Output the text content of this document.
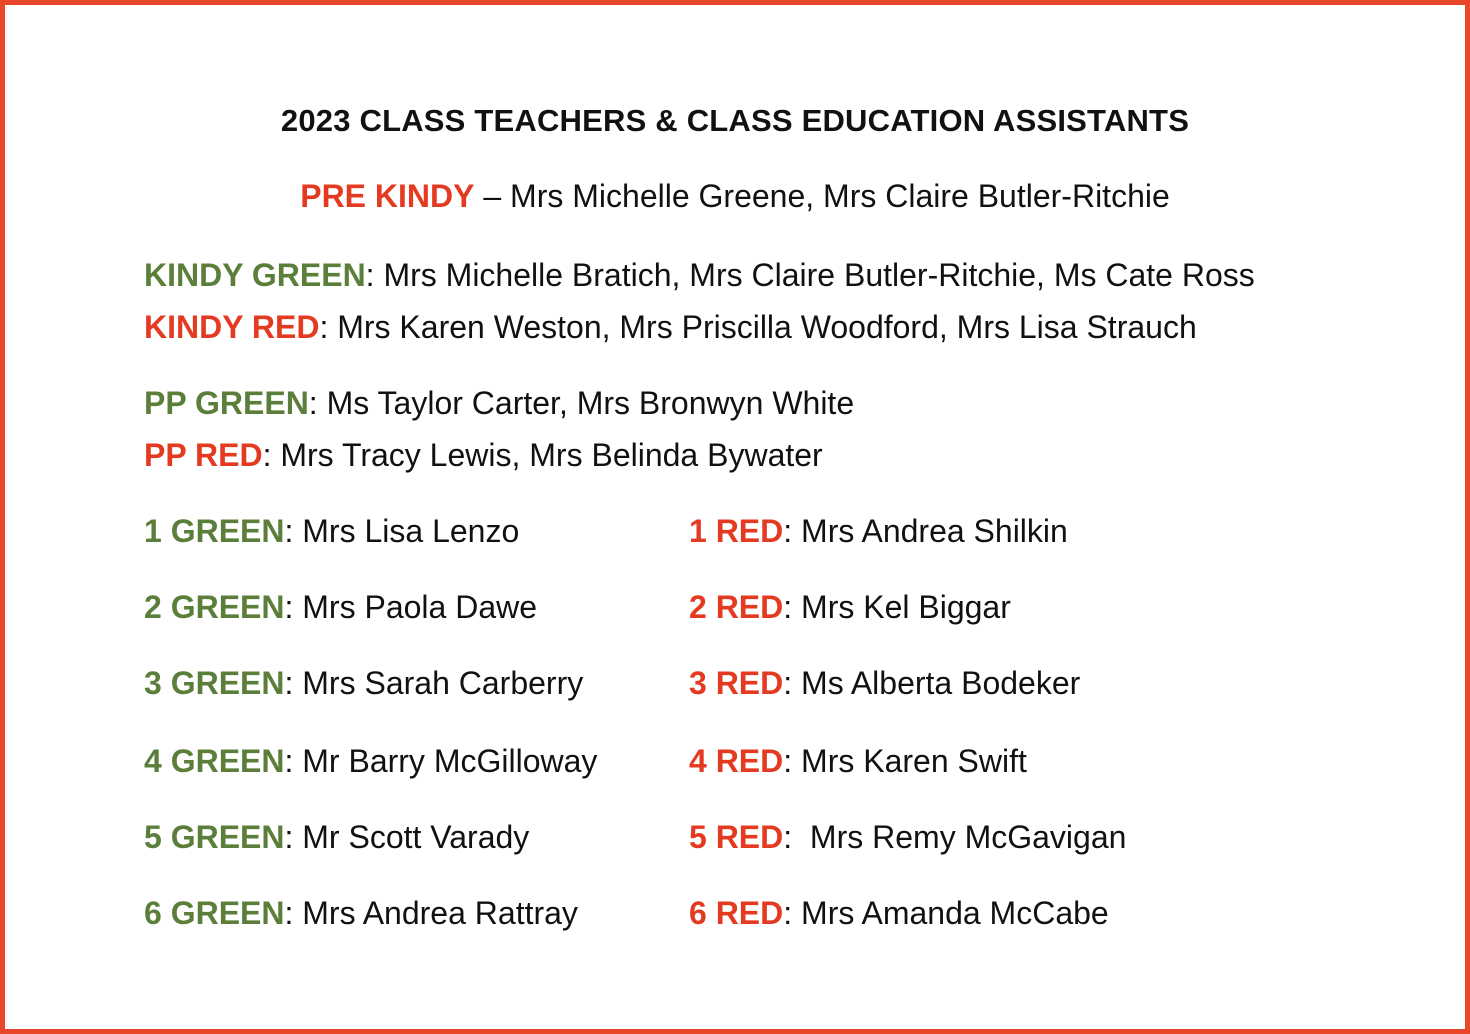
2023 CLASS TEACHERS & CLASS EDUCATION ASSISTANTS
PRE KINDY – Mrs Michelle Greene, Mrs Claire Butler-Ritchie
KINDY GREEN: Mrs Michelle Bratich, Mrs Claire Butler-Ritchie, Ms Cate Ross
KINDY RED: Mrs Karen Weston, Mrs Priscilla Woodford, Mrs Lisa Strauch
PP GREEN: Ms Taylor Carter, Mrs Bronwyn White
PP RED: Mrs Tracy Lewis, Mrs Belinda Bywater
1 GREEN: Mrs Lisa Lenzo
2 GREEN: Mrs Paola Dawe
3 GREEN: Mrs Sarah Carberry
4 GREEN: Mr Barry McGilloway
5 GREEN: Mr Scott Varady
6 GREEN: Mrs Andrea Rattray
1 RED: Mrs Andrea Shilkin
2 RED: Mrs Kel Biggar
3 RED: Ms Alberta Bodeker
4 RED: Mrs Karen Swift
5 RED:  Mrs Remy McGavigan
6 RED: Mrs Amanda McCabe
